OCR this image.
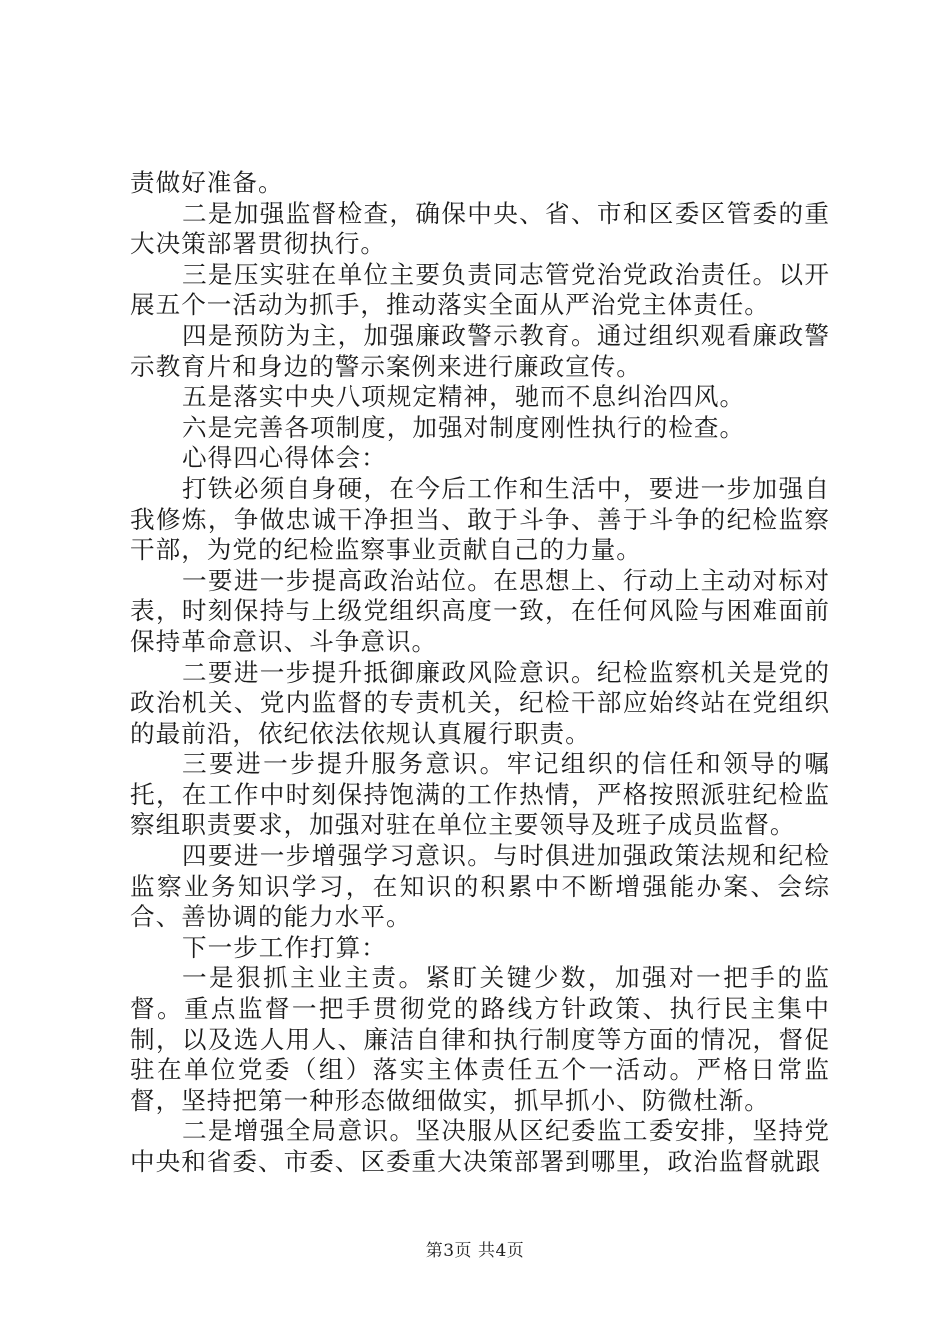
责做好准备。

二是加强监督检查，确保中央、省、市和区委区管委的重大决策部署贯彻执行。

三是压实驻在单位主要负责同志管党治党政治责任。以开展五个一活动为抓手，推动落实全面从严治党主体责任。

四是预防为主，加强廉政警示教育。通过组织观看廉政警示教育片和身边的警示案例来进行廉政宣传。

五是落实中央八项规定精神，驰而不息纠治四风。

六是完善各项制度，加强对制度刚性执行的检查。

心得四心得体会：

打铁必须自身硬，在今后工作和生活中，要进一步加强自我修炼，争做忠诚干净担当、敢于斗争、善于斗争的纪检监察干部，为党的纪检监察事业贡献自己的力量。

一要进一步提高政治站位。在思想上、行动上主动对标对表，时刻保持与上级党组织高度一致，在任何风险与困难面前保持革命意识、斗争意识。

二要进一步提升抵御廉政风险意识。纪检监察机关是党的政治机关、党内监督的专责机关，纪检干部应始终站在党组织的最前沿，依纪依法依规认真履行职责。

三要进一步提升服务意识。牢记组织的信任和领导的嘱托，在工作中时刻保持饱满的工作热情，严格按照派驻纪检监察组职责要求，加强对驻在单位主要领导及班子成员监督。

四要进一步增强学习意识。与时俱进加强政策法规和纪检监察业务知识学习，在知识的积累中不断增强能办案、会综合、善协调的能力水平。

下一步工作打算：

一是狠抓主业主责。紧盯关键少数，加强对一把手的监督。重点监督一把手贯彻党的路线方针政策、执行民主集中制，以及选人用人、廉洁自律和执行制度等方面的情况，督促驻在单位党委（组）落实主体责任五个一活动。严格日常监督，坚持把第一种形态做细做实，抓早抓小、防微杜渐。

二是增强全局意识。坚决服从区纪委监工委安排，坚持党中央和省委、市委、区委重大决策部署到哪里，政治监督就跟

第3页 共4页
